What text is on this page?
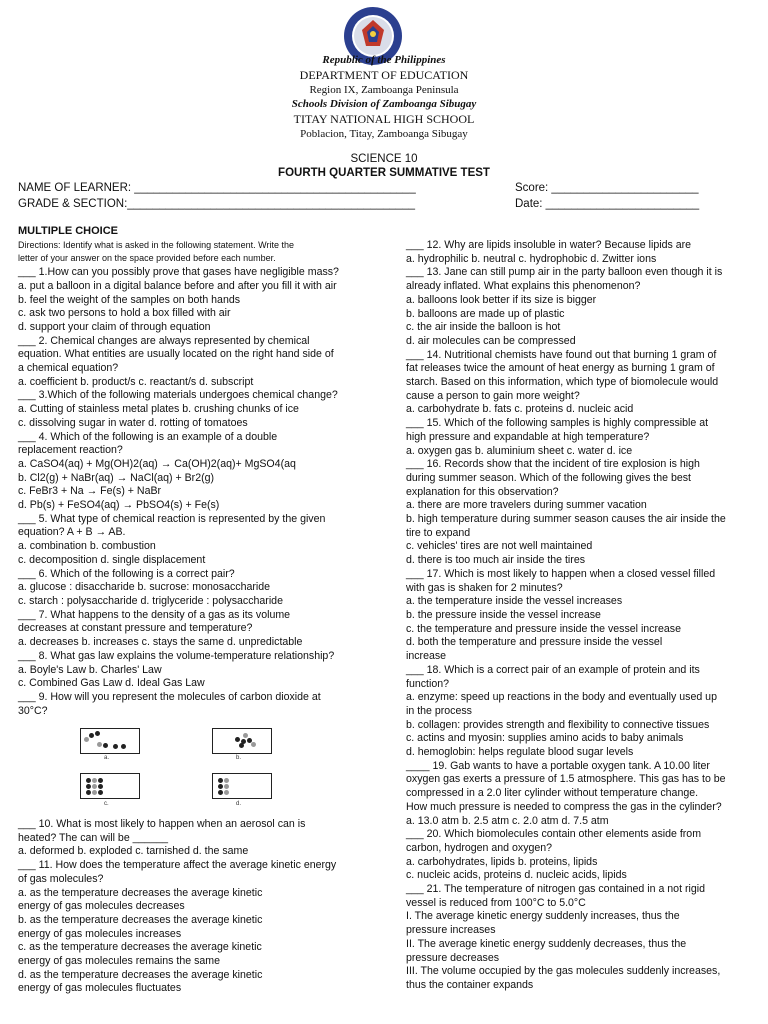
Republic of the Philippines
DEPARTMENT OF EDUCATION
Region IX, Zamboanga Peninsula
Schools Division of Zamboanga Sibugay
TITAY NATIONAL HIGH SCHOOL
Poblacion, Titay, Zamboanga Sibugay
SCIENCE 10
FOURTH QUARTER SUMMATIVE TEST
NAME OF LEARNER: ____________________________________________	Score: _______________________
GRADE & SECTION:_____________________________________________	Date: ________________________
MULTIPLE CHOICE
Directions: Identify what is asked in the following statement. Write the
letter of your answer on the space provided before each number.
___ 1.How can you possibly prove that gases have negligible mass?
a. put a balloon in a digital balance before and after you fill it with air
b. feel the weight of the samples on both hands
c. ask two persons to hold a box filled with air
d. support your claim of through equation
___ 2. Chemical changes are always represented by chemical
equation. What entities are usually located on the right hand side of
a chemical equation?
a. coefficient b. product/s c. reactant/s d. subscript
___ 3.Which of the following materials undergoes chemical change?
a. Cutting of stainless metal plates b. crushing chunks of ice
c. dissolving sugar in water d. rotting of tomatoes
___ 4. Which of the following is an example of a double
replacement reaction?
a. CaSO4(aq) + Mg(OH)2(aq) → Ca(OH)2(aq)+ MgSO4(aq
b. Cl2(g) + NaBr(aq) → NaCl(aq) + Br2(g)
c. FeBr3 + Na → Fe(s) + NaBr
d. Pb(s) + FeSO4(aq) → PbSO4(s) + Fe(s)
___ 5. What type of chemical reaction is represented by the given
equation? A + B → AB.
a. combination b. combustion
c. decomposition d. single displacement
___ 6. Which of the following is a correct pair?
a. glucose : disaccharide b. sucrose: monosaccharide
c. starch : polysaccharide d. triglyceride : polysaccharide
___ 7. What happens to the density of a gas as its volume
decreases at constant pressure and temperature?
a. decreases b. increases c. stays the same d. unpredictable
___ 8. What gas law explains the volume-temperature relationship?
a. Boyle's Law b. Charles' Law
c. Combined Gas Law d. Ideal Gas Law
___ 9. How will you represent the molecules of carbon dioxide at
30°C?
a.	b.
c.	d.
___ 10. What is most likely to happen when an aerosol can is
heated? The can will be ______
a. deformed b. exploded c. tarnished d. the same
___ 11. How does the temperature affect the average kinetic energy
of gas molecules?
a. as the temperature decreases the average kinetic
energy of gas molecules decreases
b. as the temperature decreases the average kinetic
energy of gas molecules increases
c. as the temperature decreases the average kinetic
energy of gas molecules remains the same
d. as the temperature decreases the average kinetic
energy of gas molecules fluctuates
___ 12. Why are lipids insoluble in water? Because lipids are
a. hydrophilic b. neutral c. hydrophobic d. Zwitter ions
___ 13. Jane can still pump air in the party balloon even though it is
already inflated. What explains this phenomenon?
a. balloons look better if its size is bigger
b. balloons are made up of plastic
c. the air inside the balloon is hot
d. air molecules can be compressed
___ 14. Nutritional chemists have found out that burning 1 gram of
fat releases twice the amount of heat energy as burning 1 gram of
starch. Based on this information, which type of biomolecule would
cause a person to gain more weight?
a. carbohydrate b. fats c. proteins d. nucleic acid
___ 15. Which of the following samples is highly compressible at
high pressure and expandable at high temperature?
a. oxygen gas b. aluminium sheet c. water d. ice
___ 16. Records show that the incident of tire explosion is high
during summer season. Which of the following gives the best
explanation for this observation?
a. there are more travelers during summer vacation
b. high temperature during summer season causes the air inside the
tire to expand
c. vehicles' tires are not well maintained
d. there is too much air inside the tires
___ 17. Which is most likely to happen when a closed vessel filled
with gas is shaken for 2 minutes?
a. the temperature inside the vessel increases
b. the pressure inside the vessel increase
c. the temperature and pressure inside the vessel increase
d. both the temperature and pressure inside the vessel
increase
___ 18. Which is a correct pair of an example of protein and its
function?
a. enzyme: speed up reactions in the body and eventually used up
in the process
b. collagen: provides strength and flexibility to connective tissues
c. actins and myosin: supplies amino acids to baby animals
d. hemoglobin: helps regulate blood sugar levels
____ 19. Gab wants to have a portable oxygen tank. A 10.00 liter
oxygen gas exerts a pressure of 1.5 atmosphere. This gas has to be
compressed in a 2.0 liter cylinder without temperature change.
How much pressure is needed to compress the gas in the cylinder?
a. 13.0 atm b. 2.5 atm c. 2.0 atm d. 7.5 atm
___ 20. Which biomolecules contain other elements aside from
carbon, hydrogen and oxygen?
a. carbohydrates, lipids b. proteins, lipids
c. nucleic acids, proteins d. nucleic acids, lipids
___ 21. The temperature of nitrogen gas contained in a not rigid
vessel is reduced from 100°C to 5.0°C
I. The average kinetic energy suddenly increases, thus the
pressure increases
II. The average kinetic energy suddenly decreases, thus the
pressure decreases
III. The volume occupied by the gas molecules suddenly increases,
thus the container expands
